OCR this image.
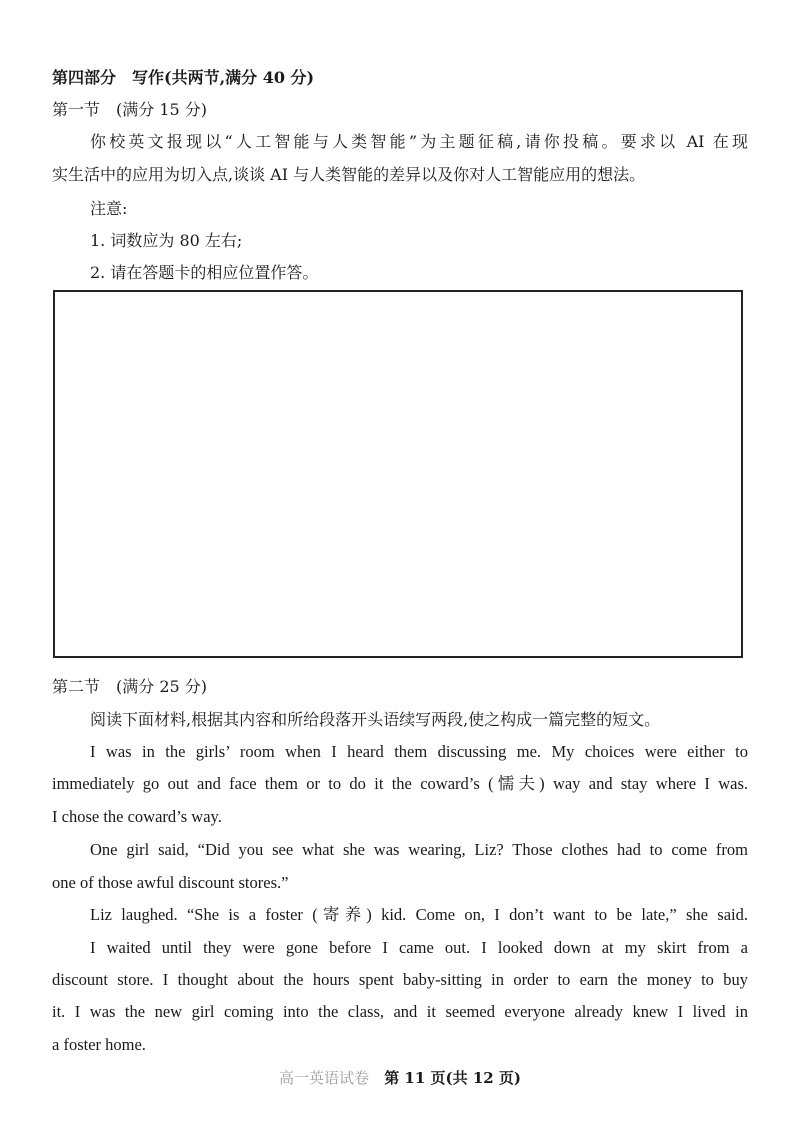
第四部分　写作(共两节,满分 40 分)
第一节　(满分 15 分)
你校英文报现以“人工智能与人类智能”为主题征稿,请你投稿。要求以 AI 在现
实生活中的应用为切入点,谈谈 AI 与人类智能的差异以及你对人工智能应用的想法。
注意:
1. 词数应为 80 左右;
2. 请在答题卡的相应位置作答。
第二节　(满分 25 分)
阅读下面材料,根据其内容和所给段落开头语续写两段,使之构成一篇完整的短文。
I was in the girls’ room when I heard them discussing me. My choices were either to
immediately go out and face them or to do it the coward’s (懦夫) way and stay where I was.
I chose the coward’s way.
One girl said, “Did you see what she was wearing, Liz? Those clothes had to come from
one of those awful discount stores.”
Liz laughed. “She is a foster (寄养) kid. Come on, I don’t want to be late,” she said.
I waited until they were gone before I came out. I looked down at my skirt from a
discount store. I thought about the hours spent baby-sitting in order to earn the money to buy
it. I was the new girl coming into the class, and it seemed everyone already knew I lived in
a foster home.
高一英语试卷 第 11 页(共 12 页)
